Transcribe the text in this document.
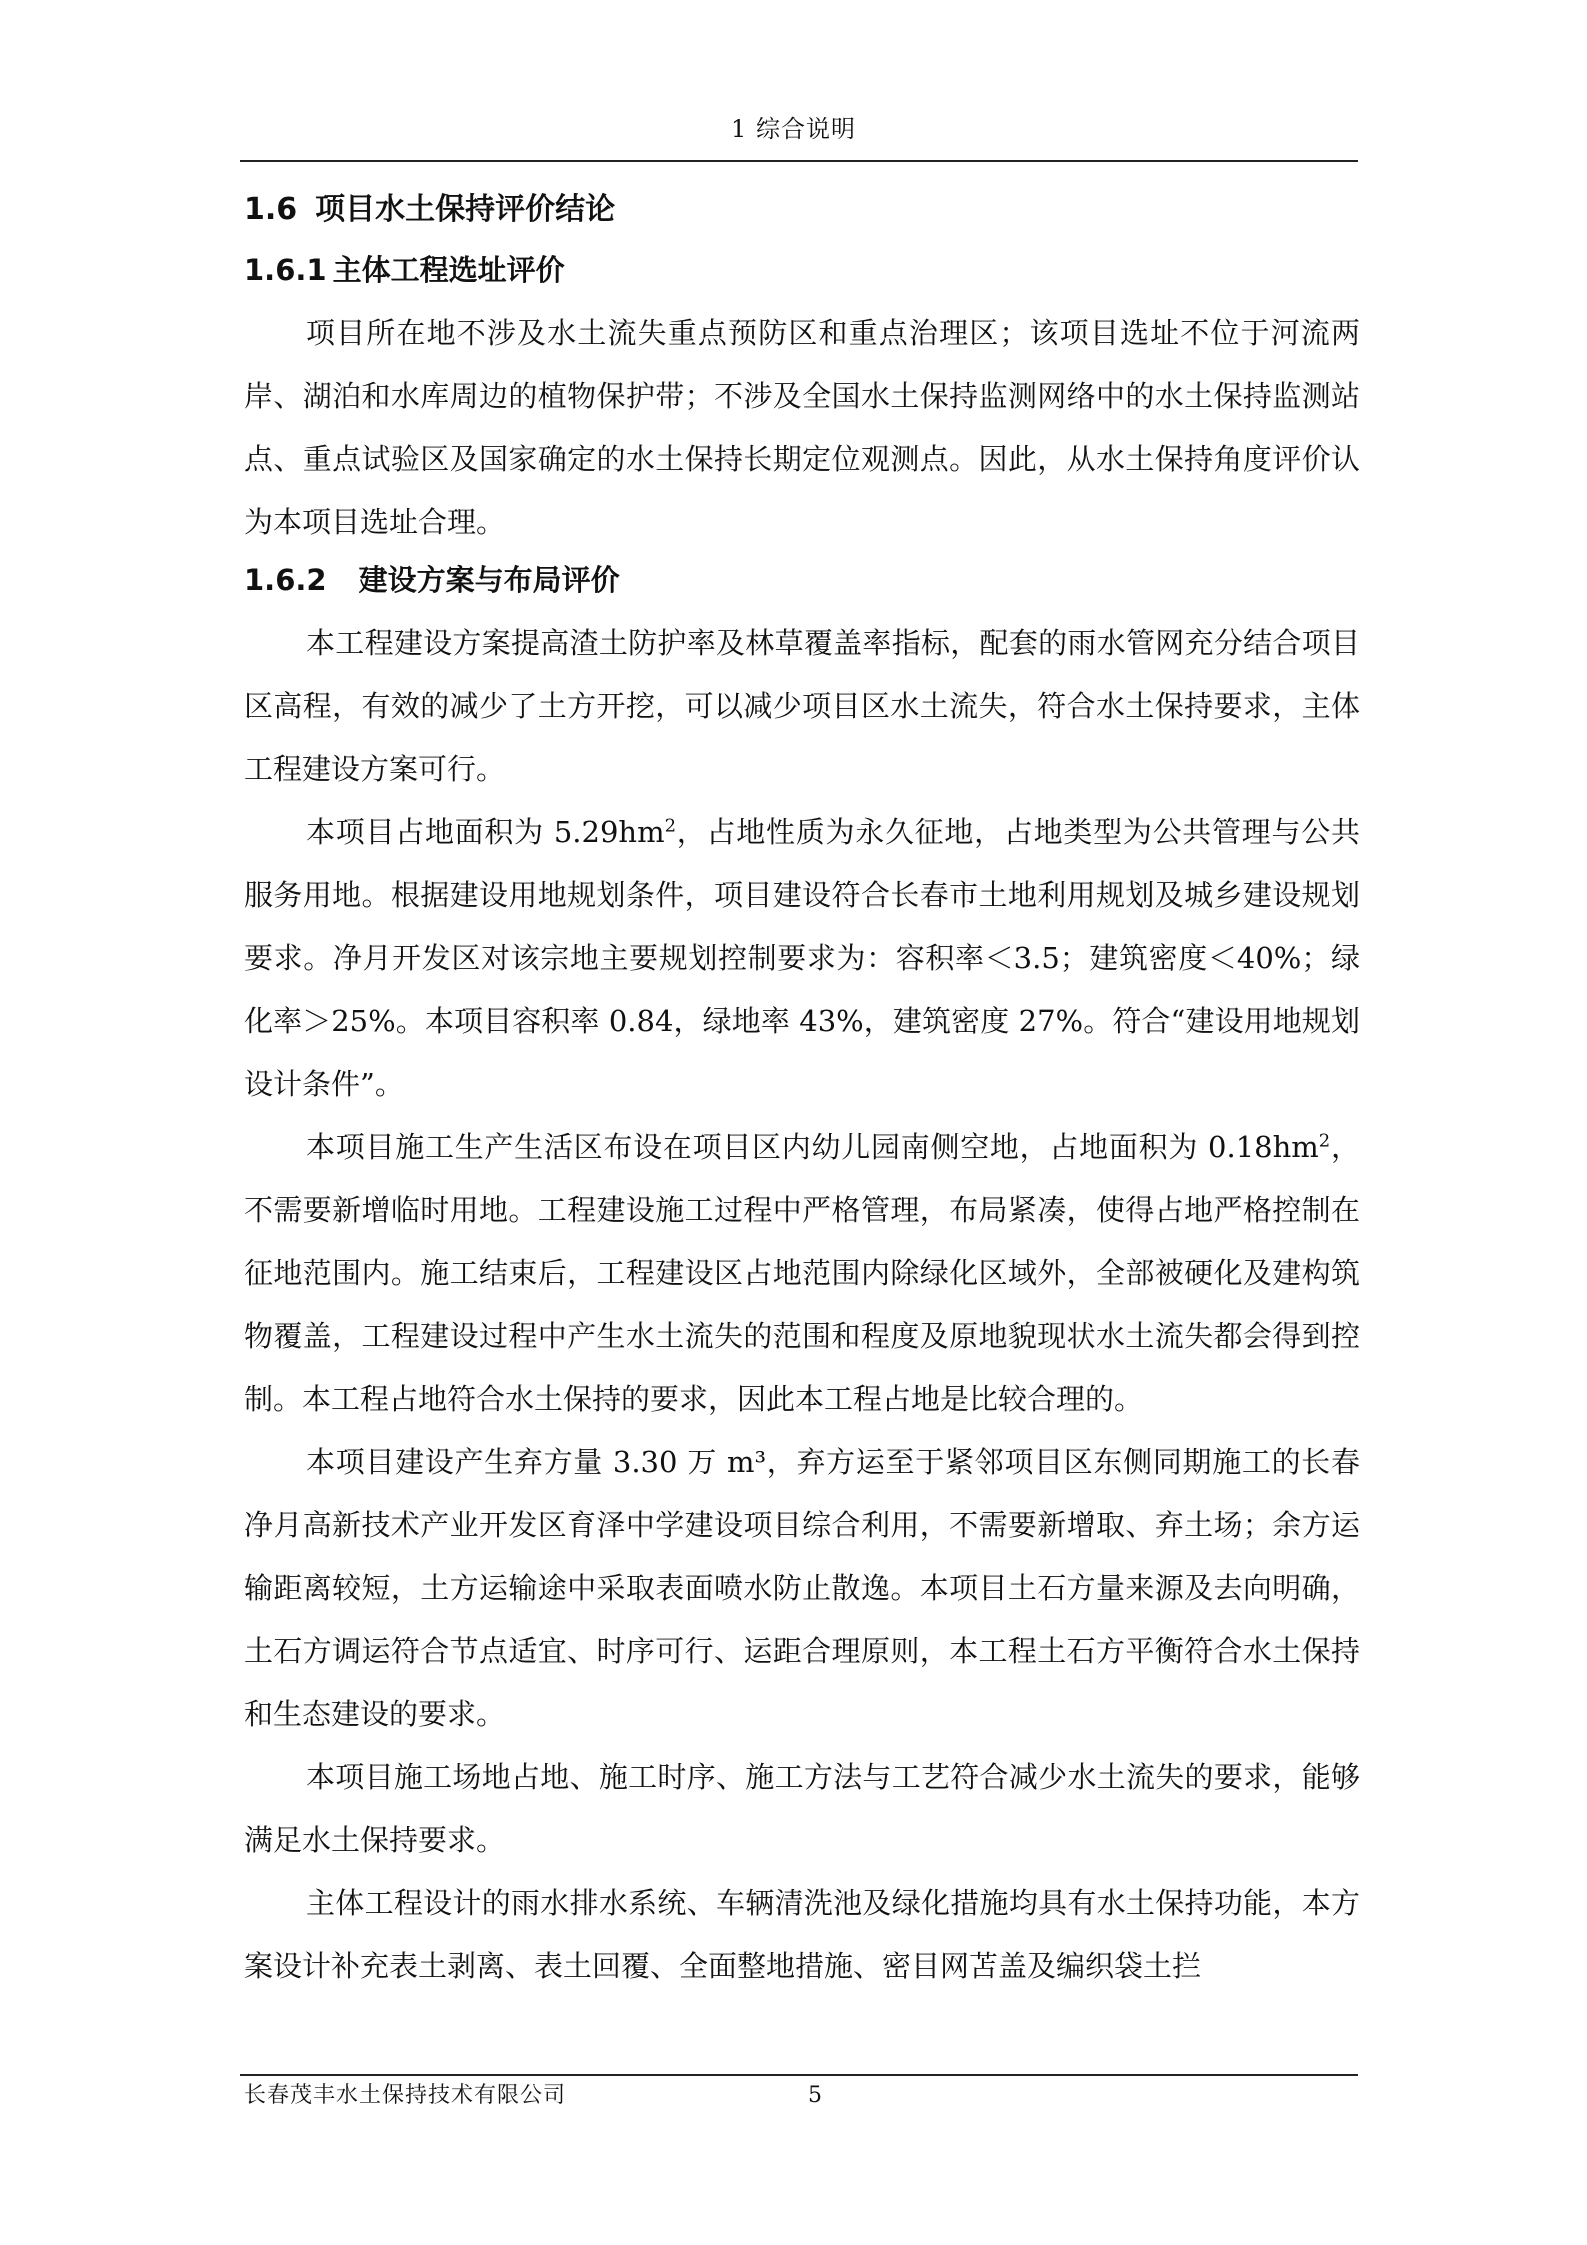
1 综合说明
1.6 项目水土保持评价结论
1.6.1 主体工程选址评价

项目所在地不涉及水土流失重点预防区和重点治理区；该项目选址不位于河流两岸、湖泊和水库周边的植物保护带；不涉及全国水土保持监测网络中的水土保持监测站点、重点试验区及国家确定的水土保持长期定位观测点。因此，从水土保持角度评价认为本项目选址合理。

1.6.2 建设方案与布局评价

本工程建设方案提高渣土防护率及林草覆盖率指标，配套的雨水管网充分结合项目区高程，有效的减少了土方开挖，可以减少项目区水土流失，符合水土保持要求，主体工程建设方案可行。

本项目占地面积为 $5.29hm^2$，占地性质为永久征地，占地类型为公共管理与公共服务用地。根据建设用地规划条件，项目建设符合长春市土地利用规划及城乡建设规划要求。净月开发区对该宗地主要规划控制要求为：容积率＜3.5；建筑密度＜40%；绿化率＞25%。本项目容积率 0.84，绿地率 43%，建筑密度 27%。符合“建设用地规划设计条件”。

本项目施工生产生活区布设在项目区内幼儿园南侧空地，占地面积为 $0.18hm^2$，不需要新增临时用地。工程建设施工过程中严格管理，布局紧凑，使得占地严格控制在征地范围内。施工结束后，工程建设区占地范围内除绿化区域外，全部被硬化及建构筑物覆盖，工程建设过程中产生水土流失的范围和程度及原地貌现状水土流失都会得到控制。本工程占地符合水土保持的要求，因此本工程占地是比较合理的。

本项目建设产生弃方量 3.30 万 m³，弃方运至于紧邻项目区东侧同期施工的长春净月高新技术产业开发区育泽中学建设项目综合利用，不需要新增取、弃土场；余方运输距离较短，土方运输途中采取表面喷水防止散逸。本项目土石方量来源及去向明确，土石方调运符合节点适宜、时序可行、运距合理原则，本工程土石方平衡符合水土保持和生态建设的要求。

本项目施工场地占地、施工时序、施工方法与工艺符合减少水土流失的要求，能够满足水土保持要求。

主体工程设计的雨水排水系统、车辆清洗池及绿化措施均具有水土保持功能，本方案设计补充表土剥离、表土回覆、全面整地措施、密目网苫盖及编织袋土拦

长春茂丰水土保持技术有限公司	5
